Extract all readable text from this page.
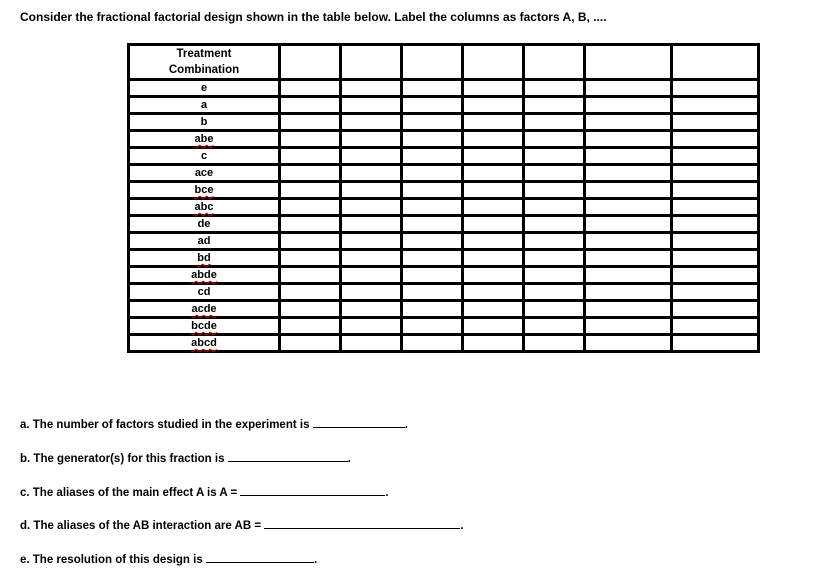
Consider the fractional factorial design shown in the table below. Label the columns as factors A, B, ....
Treatment
Combination							

e							
a							
b							
abe							
c							
ace							
bce							
abc							
de							
ad							
bd							
abde							
cd							
acde							
bcde							
abcd							
a. The number of factors studied in the experiment is	.
b. The generator(s) for this fraction is	.
c. The aliases of the main effect A is A =	.
d. The aliases of the AB interaction are AB =	.
e. The resolution of this design is	.
